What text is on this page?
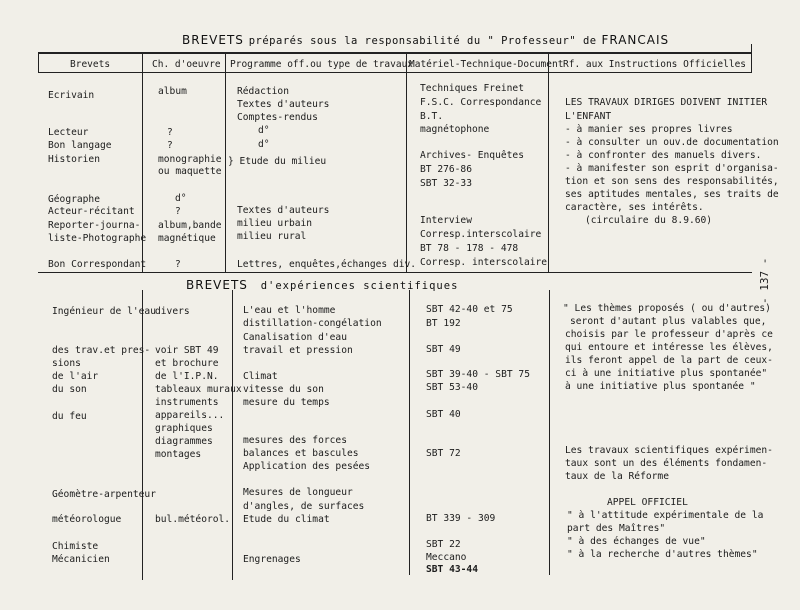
- 137 -
BREVETS préparés sous la responsabilité du " Professeur" de FRANCAIS
Brevets	Ch. d'oeuvre Programme off.ou type de travaux
Matériel-Technique-Document Rf. aux Instructions Officielles
Ecrivain
Lecteur
Bon langage
Historien
Géographe
Acteur-récitant
Reporter-journa-
liste-Photographe
Bon Correspondant
album
?
?
monographie
ou maquette
d°
?
album,bande
magnétique
?
Rédaction
Textes d'auteurs
Comptes-rendus
d°
d°
} Etude du milieu
Textes d'auteurs
milieu urbain
milieu rural
Lettres, enquêtes,échanges div.
Techniques Freinet
F.S.C. Correspondance
B.T.
magnétophone
Archives- Enquêtes
BT 276-86
SBT 32-33
Interview
Corresp.interscolaire
BT 78 - 178 - 478
Corresp. interscolaire
LES TRAVAUX DIRIGES DOIVENT INITIER
L'ENFANT
- à manier ses propres livres
- à consulter un ouv.de documentation
- à confronter des manuels divers.
- à manifester son esprit d'organisa-
tion et son sens des responsabilités,
ses aptitudes mentales, ses traits de
caractère, ses intérêts.
(circulaire du 8.9.60)
BREVETS d'expériences scientifiques
Ingénieur de l'eau
des trav.et pres-
sions
de l'air
du son
du feu
Géomètre-arpenteur
météorologue
Chimiste
Mécanicien
divers
voir SBT 49
et brochure
de l'I.P.N.
tableaux muraux
instruments
appareils...
graphiques
diagrammes
montages
bul.météorol.
L'eau et l'homme
distillation-congélation
Canalisation d'eau
travail et pression
Climat
vitesse du son
mesure du temps
mesures des forces
balances et bascules
Application des pesées
Mesures de longueur
d'angles, de surfaces
Etude du climat
Engrenages
SBT 42-40 et 75
BT 192
SBT 49
SBT 39-40 - SBT 75
SBT 53-40
SBT 40
SBT 72
BT 339 - 309
SBT 22
Meccano
SBT 43-44
" Les thèmes proposés ( ou d'autres)
seront d'autant plus valables que,
choisis par le professeur d'après ce
qui entoure et intéresse les élèves,
ils feront appel de la part de ceux-
ci à une initiative plus spontanée"
à une initiative plus spontanée "
Les travaux scientifiques expérimen-
taux sont un des éléments fondamen-
taux de la Réforme
APPEL OFFICIEL
" à l'attitude expérimentale de la
part des Maîtres"
" à des échanges de vue"
" à la recherche d'autres thèmes"
